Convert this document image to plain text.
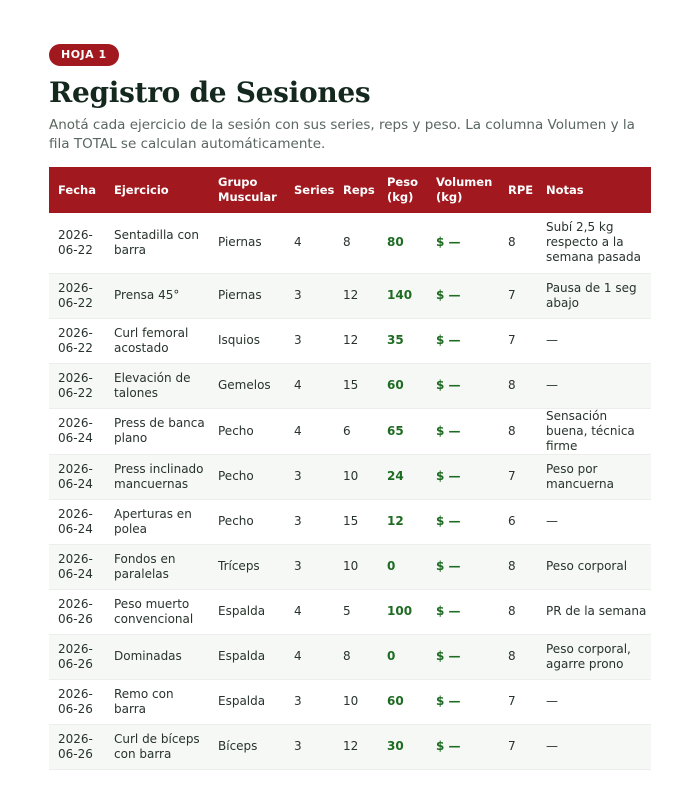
HOJA 1
Registro de Sesiones

Anotá cada ejercicio de la sesión con sus series, reps y peso. La columna Volumen y la fila TOTAL se calculan automáticamente.

Fecha	Ejercicio	Grupo Muscular	Series	Reps	Peso (kg)	Volumen (kg)	RPE	Notas
2026-06-22	Sentadilla con barra	Piernas	4	8	80	$ —	8	Subí 2,5 kg respecto a la semana pasada
2026-06-22	Prensa 45°	Piernas	3	12	140	$ —	7	Pausa de 1 seg abajo
2026-06-22	Curl femoral acostado	Isquios	3	12	35	$ —	7	—
2026-06-22	Elevación de talones	Gemelos	4	15	60	$ —	8	—
2026-06-24	Press de banca plano	Pecho	4	6	65	$ —	8	Sensación buena, técnica firme
2026-06-24	Press inclinado mancuernas	Pecho	3	10	24	$ —	7	Peso por mancuerna
2026-06-24	Aperturas en polea	Pecho	3	15	12	$ —	6	—
2026-06-24	Fondos en paralelas	Tríceps	3	10	0	$ —	8	Peso corporal
2026-06-26	Peso muerto convencional	Espalda	4	5	100	$ —	8	PR de la semana
2026-06-26	Dominadas	Espalda	4	8	0	$ —	8	Peso corporal, agarre prono
2026-06-26	Remo con barra	Espalda	3	10	60	$ —	7	—
2026-06-26	Curl de bíceps con barra	Bíceps	3	12	30	$ —	7	—
